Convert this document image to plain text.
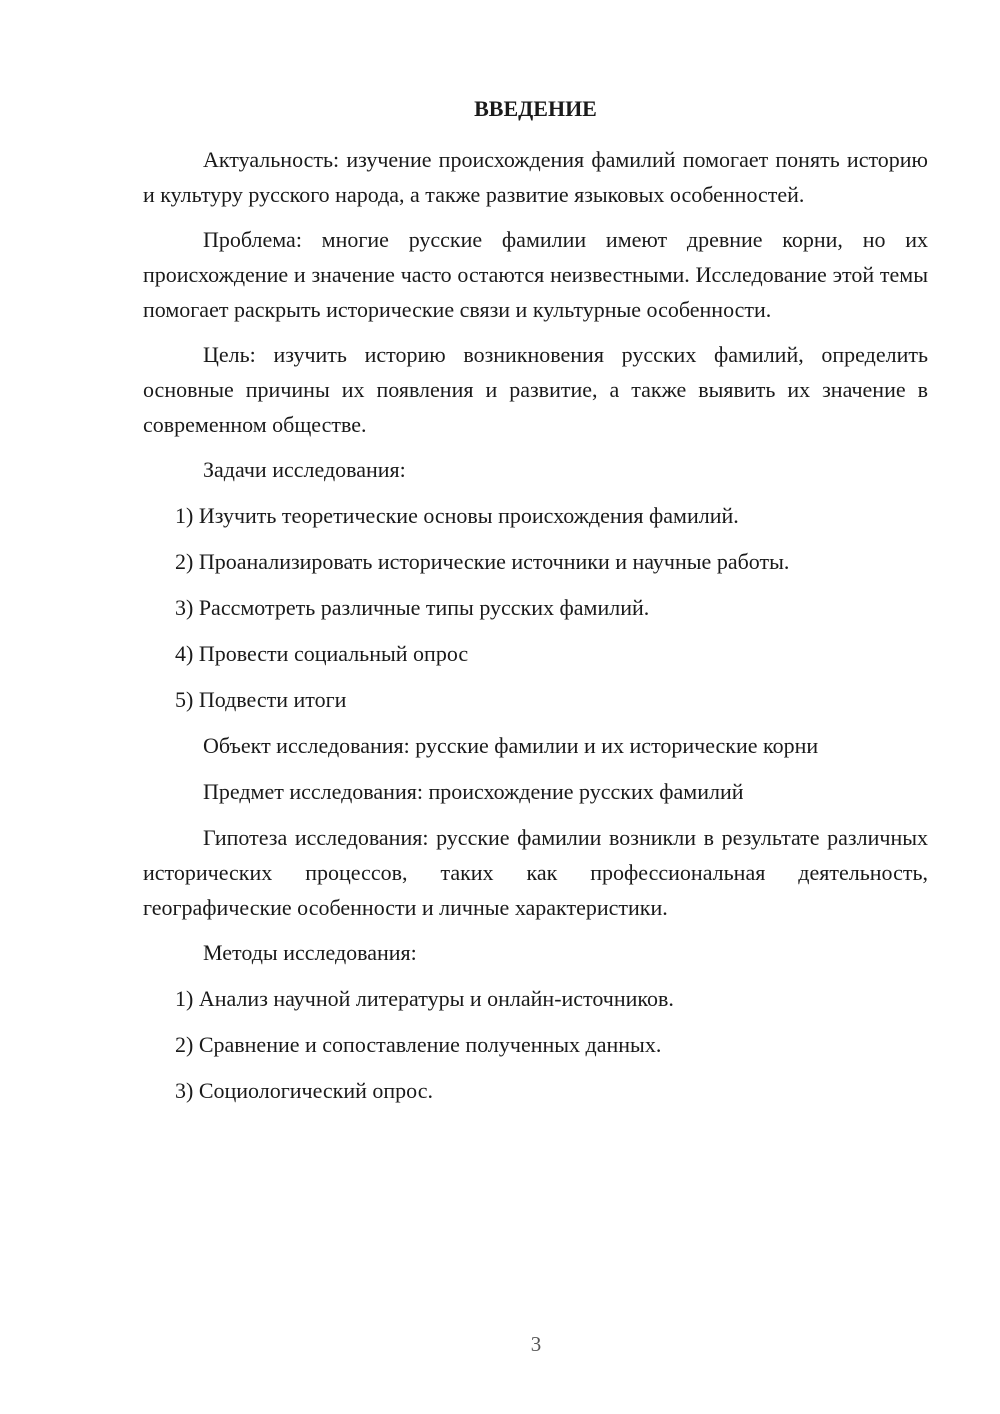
ВВЕДЕНИЕ

Актуальность: изучение происхождения фамилий помогает понять историю и культуру русского народа, а также развитие языковых особенностей.

Проблема: многие русские фамилии имеют древние корни, но их происхождение и значение часто остаются неизвестными. Исследование этой темы помогает раскрыть исторические связи и культурные особенности.

Цель: изучить историю возникновения русских фамилий, определить основные причины их появления и развитие, а также выявить их значение в современном обществе.

Задачи исследования:
1) Изучить теоретические основы происхождения фамилий.
2) Проанализировать исторические источники и научные работы.
3) Рассмотреть различные типы русских фамилий.
4) Провести социальный опрос
5) Подвести итоги
Объект исследования: русские фамилии и их исторические корни
Предмет исследования: происхождение русских фамилий

Гипотеза исследования: русские фамилии возникли в результате различных исторических процессов, таких как профессиональная деятельность, географические особенности и личные характеристики.

Методы исследования:
1) Анализ научной литературы и онлайн-источников.
2) Сравнение и сопоставление полученных данных.
3) Социологический опрос.
3
